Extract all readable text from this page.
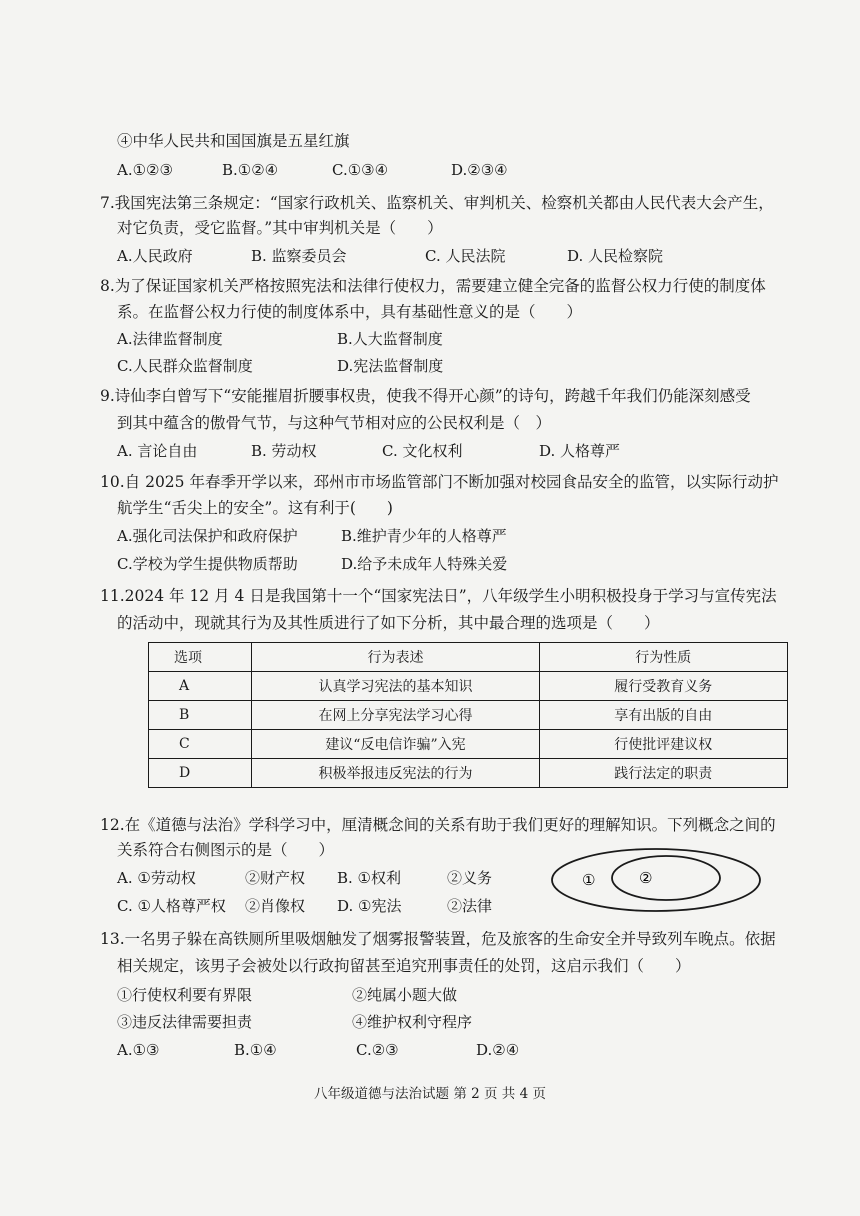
④中华人民共和国国旗是五星红旗
A.①②③	B.①②④	C.①③④	D.②③④
7.我国宪法第三条规定：“国家行政机关、监察机关、审判机关、检察机关都由人民代表大会产生，
对它负责，受它监督。”其中审判机关是（　　）
A.人民政府	B. 监察委员会	C. 人民法院	D. 人民检察院
8.为了保证国家机关严格按照宪法和法律行使权力，需要建立健全完备的监督公权力行使的制度体
系。在监督公权力行使的制度体系中，具有基础性意义的是（　　）
A.法律监督制度	B.人大监督制度
C.人民群众监督制度	D.宪法监督制度
9.诗仙李白曾写下“安能摧眉折腰事权贵，使我不得开心颜”的诗句，跨越千年我们仍能深刻感受
到其中蕴含的傲骨气节，与这种气节相对应的公民权利是（　）
A. 言论自由	B. 劳动权	C. 文化权利	D. 人格尊严
10.自 2025 年春季开学以来，邳州市市场监管部门不断加强对校园食品安全的监管，以实际行动护
航学生“舌尖上的安全”。这有利于(　　)
A.强化司法保护和政府保护	B.维护青少年的人格尊严
C.学校为学生提供物质帮助	D.给予未成年人特殊关爱
11.2024 年 12 月 4 日是我国第十一个“国家宪法日”，八年级学生小明积极投身于学习与宣传宪法
的活动中，现就其行为及其性质进行了如下分析，其中最合理的选项是（　　）
选项	行为表述	行为性质
A	认真学习宪法的基本知识	履行受教育义务
B	在网上分享宪法学习心得	享有出版的自由
C	建议“反电信诈骗”入宪	行使批评建议权
D	积极举报违反宪法的行为	践行法定的职责
12.在《道德与法治》学科学习中，厘清概念间的关系有助于我们更好的理解知识。下列概念之间的
关系符合右侧图示的是（　　）
A. ①劳动权	②财产权 B. ①权利	②义务
C. ①人格尊严权 ②肖像权 D. ①宪法	②法律
①	②
13.一名男子躲在高铁厕所里吸烟触发了烟雾报警装置，危及旅客的生命安全并导致列车晚点。依据
相关规定，该男子会被处以行政拘留甚至追究刑事责任的处罚，这启示我们（　　）
①行使权利要有界限	②纯属小题大做
③违反法律需要担责	④维护权利守程序
A.①③	B.①④	C.②③	D.②④
八年级道德与法治试题 第 2 页 共 4 页
